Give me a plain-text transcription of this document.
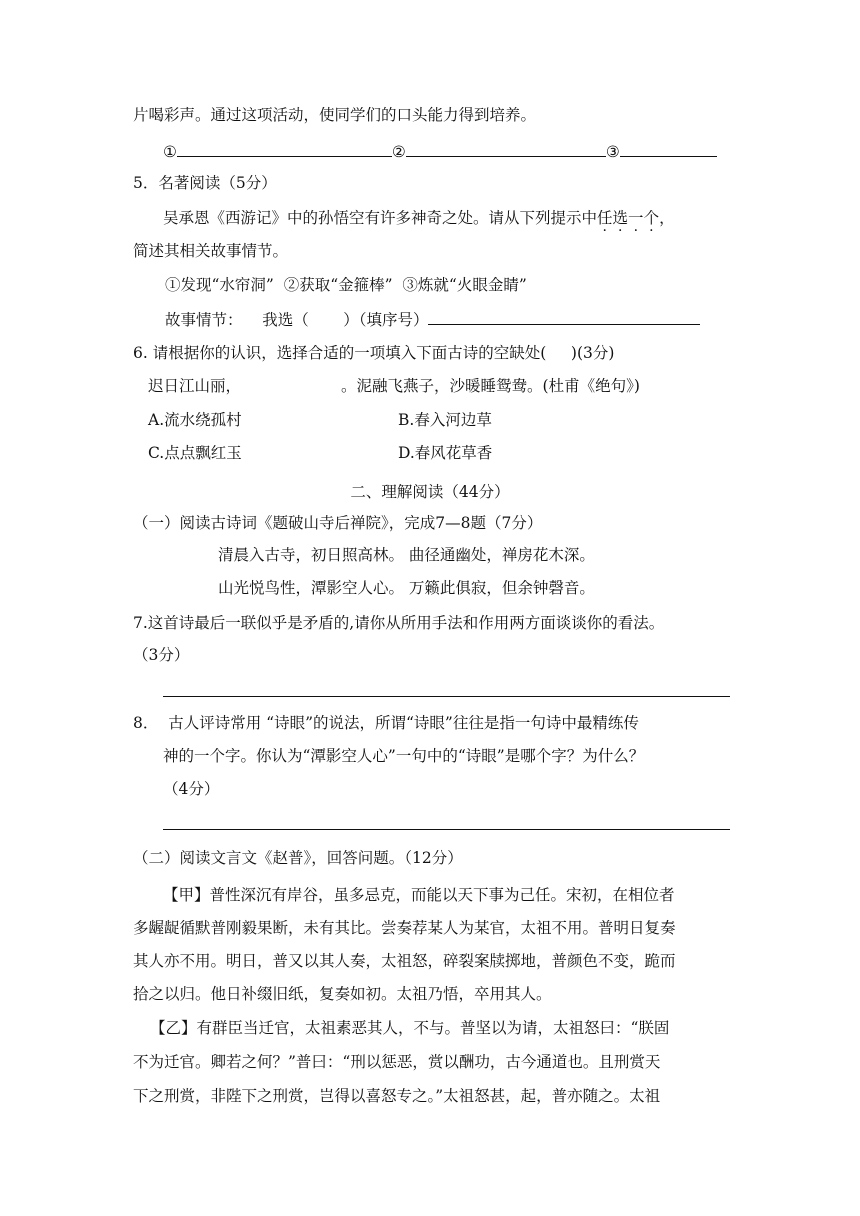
片喝彩声。通过这项活动，使同学们的口头能力得到培养。
①	②	③
5．名著阅读（5分）
吴承恩《西游记》中的孙悟空有许多神奇之处。请从下列提示中任选一个，
简述其相关故事情节。
①发现“水帘洞”  ②获取“金箍棒”  ③炼就“火眼金睛”
故事情节：    我选（       ）（填序号）
6. 请根据你的认识，选择合适的一项填入下面古诗的空缺处(     )(3分)
迟日江山丽，	。泥融飞燕子，沙暖睡鸳鸯。(杜甫《绝句》)
A.流水绕孤村	B.春入河边草
C.点点飘红玉	D.春风花草香
二、理解阅读（44分）
（一）阅读古诗词《题破山寺后禅院》，完成7—8题（7分）
清晨入古寺，初日照高林。 曲径通幽处，禅房花木深。
山光悦鸟性，潭影空人心。 万籁此俱寂，但余钟磬音。
7.这首诗最后一联似乎是矛盾的,请你从所用手法和作用两方面谈谈你的看法。
（3分）
8．  古人评诗常用 “诗眼”的说法，所谓“诗眼”往往是指一句诗中最精练传
神的一个字。你认为“潭影空人心”一句中的“诗眼”是哪个字？为什么？
（4分）
（二）阅读文言文《赵普》，回答问题。（12分）
【甲】普性深沉有岸谷，虽多忌克，而能以天下事为己任。宋初，在相位者
多龌龊循默普刚毅果断，未有其比。尝奏荐某人为某官，太祖不用。普明日复奏
其人亦不用。明日，普又以其人奏，太祖怒，碎裂案牍掷地，普颜色不变，跪而
拾之以归。他日补缀旧纸，复奏如初。太祖乃悟，卒用其人。
【乙】有群臣当迁官，太祖素恶其人，不与。普坚以为请，太祖怒曰：“朕固
不为迁官。卿若之何？”普曰：“刑以惩恶，赏以酬功，古今通道也。且刑赏天
下之刑赏，非陛下之刑赏，岂得以喜怒专之。”太祖怒甚，起，普亦随之。太祖
